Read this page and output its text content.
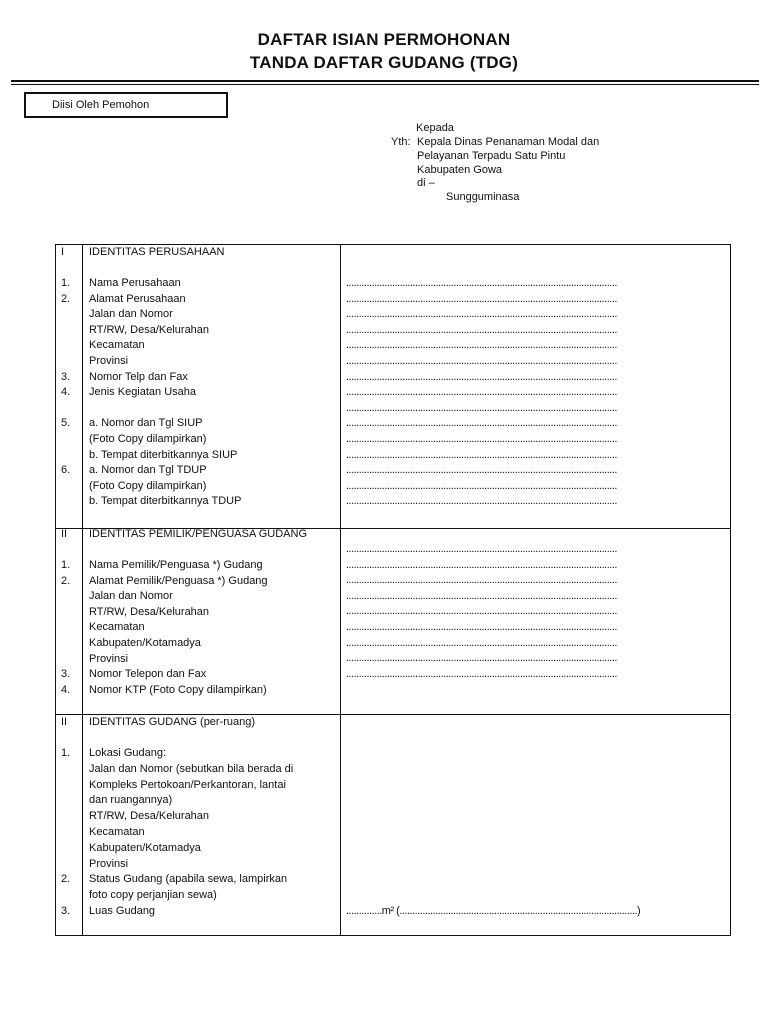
DAFTAR ISIAN PERMOHONAN
TANDA DAFTAR GUDANG (TDG)
Diisi Oleh Pemohon
Kepada
Yth: Kepala Dinas Penanaman Modal dan
Pelayanan Terpadu Satu Pintu
Kabupaten Gowa
di –
Sungguminasa
I IDENTITAS PERUSAHAAN
1. Nama Perusahaan
2. Alamat Perusahaan
Jalan dan Nomor
RT/RW, Desa/Kelurahan
Kecamatan
Provinsi
3. Nomor Telp dan Fax
4. Jenis Kegiatan Usaha
5. a. Nomor dan Tgl SIUP
(Foto Copy dilampirkan)
b. Tempat diterbitkannya SIUP
6. a. Nomor dan Tgl TDUP
(Foto Copy dilampirkan)
b. Tempat diterbitkannya TDUP
..........................................................................................................
..........................................................................................................
..........................................................................................................
..........................................................................................................
..........................................................................................................
..........................................................................................................
..........................................................................................................
..........................................................................................................
..........................................................................................................
..........................................................................................................
..........................................................................................................
..........................................................................................................
..........................................................................................................
..........................................................................................................
..........................................................................................................
II IDENTITAS PEMILIK/PENGUASA GUDANG
1. Nama Pemilik/Penguasa *) Gudang
2. Alamat Pemilik/Penguasa *) Gudang
Jalan dan Nomor
RT/RW, Desa/Kelurahan
Kecamatan
Kabupaten/Kotamadya
Provinsi
3. Nomor Telepon dan Fax
4. Nomor KTP (Foto Copy dilampirkan)
..........................................................................................................
..........................................................................................................
..........................................................................................................
..........................................................................................................
..........................................................................................................
..........................................................................................................
..........................................................................................................
..........................................................................................................
..........................................................................................................
II IDENTITAS GUDANG (per-ruang)
1. Lokasi Gudang:
Jalan dan Nomor (sebutkan bila berada di
Kompleks Pertokoan/Perkantoran, lantai
dan ruangannya)
RT/RW, Desa/Kelurahan
Kecamatan
Kabupaten/Kotamadya
Provinsi
2. Status Gudang (apabila sewa, lampirkan
foto copy perjanjian sewa)
3. Luas Gudang	..............m² (.............................................................................................)
